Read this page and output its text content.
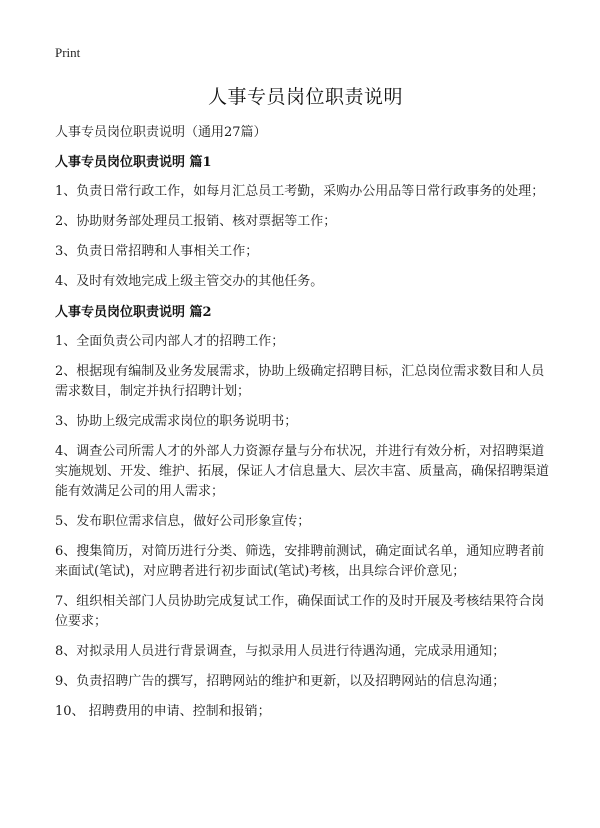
Print
人事专员岗位职责说明
人事专员岗位职责说明（通用27篇）
人事专员岗位职责说明 篇1
1、负责日常行政工作，如每月汇总员工考勤，采购办公用品等日常行政事务的处理；
2、协助财务部处理员工报销、核对票据等工作；
3、负责日常招聘和人事相关工作；
4、及时有效地完成上级主管交办的其他任务。
人事专员岗位职责说明 篇2
1、全面负责公司内部人才的招聘工作；
2、根据现有编制及业务发展需求，协助上级确定招聘目标，汇总岗位需求数目和人员需求数目，制定并执行招聘计划；
3、协助上级完成需求岗位的职务说明书；
4、调查公司所需人才的外部人力资源存量与分布状况，并进行有效分析，对招聘渠道实施规划、开发、维护、拓展，保证人才信息量大、层次丰富、质量高，确保招聘渠道能有效满足公司的用人需求；
5、发布职位需求信息，做好公司形象宣传；
6、搜集简历，对简历进行分类、筛选，安排聘前测试，确定面试名单，通知应聘者前来面试(笔试)，对应聘者进行初步面试(笔试)考核，出具综合评价意见；
7、组织相关部门人员协助完成复试工作，确保面试工作的及时开展及考核结果符合岗位要求；
8、对拟录用人员进行背景调查，与拟录用人员进行待遇沟通，完成录用通知；
9、负责招聘广告的撰写，招聘网站的维护和更新，以及招聘网站的信息沟通；
10、 招聘费用的申请、控制和报销；
